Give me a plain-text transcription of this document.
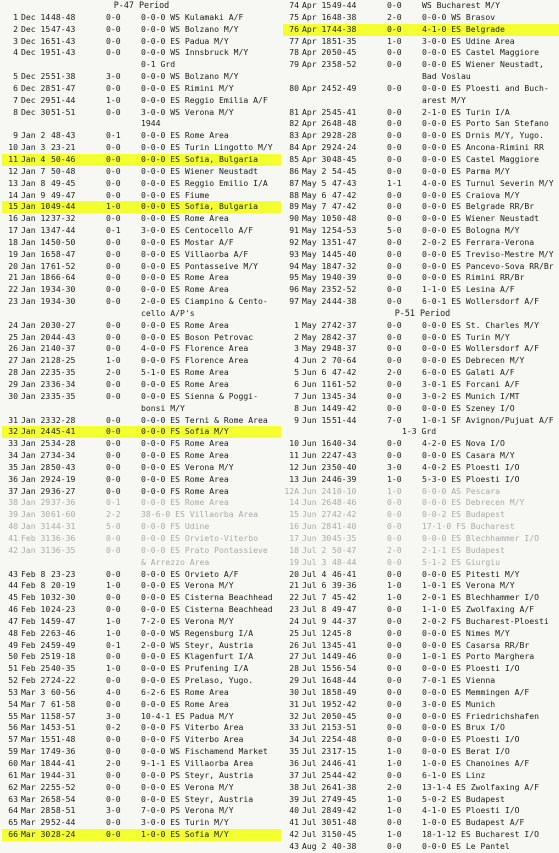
P-47 Period
1 Dec 14 48-48	0-0	0-0-0 WS Kulamaki A/F
2 Dec 15 47-43	0-0	0-0-0 WS Bolzano M/Y
3 Dec 16 51-43	0-0	0-0-0 ES Padua M/Y
4 Dec 19 51-43	0-0	0-0-0 WS Innsbruck M/Y
0-1 Grd
5 Dec 25 51-38	3-0	0-0-0 WS Bolzano M/Y
6 Dec 28 51-47	0-0	0-0-0 ES Rimini M/Y
7 Dec 29 51-44	1-0	0-0-0 ES Reggio Emilia A/F
8 Dec 30 51-51	0-0	3-0-0 WS Verona M/Y
1944
9 Jan 2 48-43	0-1	0-0-0 ES Rome Area
10 Jan 3 23-21	0-0	0-0-0 ES Turin Lingotto M/Y
11 Jan 4 50-46	0-0	0-0-0 ES Sofia, Bulgaria
12 Jan 7 50-48	0-0	0-0-0 ES Wiener Neustadt
13 Jan 8 49-45	0-0	0-0-0 ES Reggio Emilio I/A
14 Jan 9 49-47	0-0	0-0-0 ES Fiume
15 Jan 10 49-44	1-0	0-0-0 ES Sofia, Bulgaria
16 Jan 12 37-32	0-0	0-0-0 ES Rome Area
17 Jan 13 47-44	0-1	3-0-0 ES Centocello A/F
18 Jan 14 50-50	0-0	0-0-0 ES Mostar A/F
19 Jan 16 58-47	0-0	0-0-0 ES Villaorba A/F
20 Jan 17 61-52	0-0	0-0-0 ES Pontasseive M/Y
21 Jan 18 66-64	0-0	0-0-0 ES Rome Area
22 Jan 19 34-30	0-0	0-0-0 ES Rome Area
23 Jan 19 34-30	0-0	2-0-0 ES Ciampino & Cento-
cello A/P's
24 Jan 20 30-27	0-0	0-0-0 ES Rome Area
25 Jan 20 44-43	0-0	0-0-0 ES Boson Petrovac
26 Jan 21 40-37	0-0	4-0-0 FS Florence Area
27 Jan 21 28-25	1-0	0-0-0 FS Florence Area
28 Jan 22 35-35	2-0	5-1-0 ES Rome Area
29 Jan 23 36-34	0-0	0-0-0 ES Rome Area
30 Jan 23 35-35	0-0	0-0-0 ES Sienna & Poggi-
bonsi M/Y
31 Jan 23 32-28	0-0	0-0-0 ES Terni & Rome Area
32 Jan 24 45-41	0-0	0-0-0 FS Sofia M/Y
33 Jan 25 34-28	0-0	0-0-0 FS Rome Area
34 Jan 27 34-34	0-0	0-0-0 ES Rome Area
35 Jan 28 50-43	0-0	0-0-0 ES Verona M/Y
36 Jan 29 24-19	0-0	0-0-0 ES Rome Area
37 Jan 29 36-27	0-0	0-0-0 FS Rome Area
38 Jan 29 37-36	0-1	0-0-0 ES Rome Area
39 Jan 30 61-60	2-2	38-6-0 ES Villaorba Area
40 Jan 31 44-31	5-0	0-0-0 FS Udine
41 Feb 31 36-36	0-0	0-0-0 ES Orvieto-Viterbo
42 Jan 31 36-35	0-0	0-0-0 ES Prato Pontassieve
& Arrezzo Area
43 Feb 8 23-23	0-0	0-0-0 ES Orvieto A/F
44 Feb 8 20-19	1-0	0-0-0 ES Verona M/Y
45 Feb 10 32-30	0-0	0-0-0 ES Cisterna Beachhead
46 Feb 10 24-23	0-0	0-0-0 ES Cisterna Beachhead
47 Feb 14 59-47	1-0	7-2-0 ES Verona M/Y
48 Feb 22 63-46	1-0	0-0-0 WS Regensburg I/A
49 Feb 24 59-49	0-1	2-0-0 WS Steyr, Austria
50 Feb 25 19-18	0-0	0-0-0 ES Klagenfurt I/A
51 Feb 25 40-35	1-0	0-0-0 ES Prufening I/A
52 Feb 27 24-22	0-0	0-0-0 ES Prelaso, Yugo.
53 Mar 3 60-56	4-0	6-2-6 ES Rome Area
54 Mar 7 61-58	0-0	0-0-0 ES Rome Area
55 Mar 11 58-57	3-0	10-4-1 ES Padua M/Y
56 Mar 14 53-51	0-2	0-0-0 FS Viterbo Area
57 Mar 15 51-48	0-0	0-0-0 FS Viterbo Area
59 Mar 17 49-36	0-0	0-0-0 WS Fischamend Market
60 Mar 18 44-41	2-0	9-1-1 ES Villaorba Area
61 Mar 19 44-31	0-0	0-0-0 PS Steyr, Austria
62 Mar 22 55-52	0-0	0-0-0 ES Verona M/Y
63 Mar 26 58-54	0-0	0-0-0 ES Steyr, Austria
64 Mar 28 58-51	3-0	7-0-0 PS Verona M/Y
65 Mar 29 52-44	0-0	3-0-0 ES Turin M/Y
66 Mar 30 28-24	0-0	1-0-0 ES Sofia M/Y
74 Apr 15 49-44	0-0	WS Bucharest M/Y
75 Apr 16 48-38	2-0	0-0-0 WS Brasov
76 Apr 17 44-38	0-0	4-1-0 ES Belgrade
77 Apr 18 51-35	1-0	3-0-0 ES Udine Area
78 Apr 20 50-45	0-0	0-0-0 ES Castel Maggiore
79 Apr 23 58-52	0-0	0-0-0 ES Wiener Neustadt,
Bad Voslau
80 Apr 24 52-49	0-0	0-0-0 ES Ploesti and Buch-
arest M/Y
81 Apr 25 45-41	0-0	2-1-0 ES Turin I/A
82 Apr 26 48-48	0-0	0-0-0 ES Porto San Stefano
83 Apr 29 28-28	0-0	0-0-0 ES Drnis M/Y, Yugo.
84 Apr 29 24-24	0-0	0-0-0 ES Ancona-Rimini RR
85 Apr 30 48-45	0-0	0-0-0 ES Castel Maggiore
86 May 2 54-45	0-0	0-0-0 ES Parma M/Y
87 May 5 47-43	1-1	4-0-0 ES Turnul Severin M/Y
88 May 6 47-42	0-0	0-0-0 ES Craiova M/Y
89 May 7 47-42	0-0	0-0-0 ES Belgrade RR/Br
90 May 10 50-48	0-0	0-0-0 ES Wiener Neustadt
91 May 12 54-53	5-0	0-0-0 ES Bologna M/Y
92 May 13 51-47	0-0	2-0-2 ES Ferrara-Verona
93 May 14 45-40	0-0	0-0-0 ES Treviso-Mestre M/Y
94 May 18 47-32	0-0	0-0-0 ES Pancevo-Sova RR/Br
95 May 19 40-39	0-0	0-0-0 ES Rimini RR/Br
96 May 23 52-52	0-0	1-1-0 ES Lesina A/F
97 May 24 44-38	0-0	6-0-1 ES Wollersdorf A/F
P-51 Period
1 May 27 42-37	0-0	0-0-0 ES St. Charles M/Y
2 May 28 42-37	0-0	0-0-0 ES Turin M/Y
3 May 29 48-37	0-0	0-0-0 ES Wollersdorf A/F
4 Jun 2 70-64	0-0	0-0-0 ES Debrecen M/Y
5 Jun 6 47-42	2-0	6-0-0 ES Galati A/F
6 Jun 11 61-52	0-0	3-0-1 ES Forcani A/F
7 Jun 13 45-34	0-0	3-0-2 ES Munich I/MT
8 Jun 14 49-42	0-0	0-0-0 ES Szeney I/O
9 Jun 15 51-44	7-0	1-0-1 SF Avignon/Pujuat A/F
1-3 Grd
10 Jun 16 40-34	0-0	4-2-0 ES Nova I/O
11 Jun 22 47-43	0-0	0-0-0 ES Casara M/Y
12 Jun 23 50-40	3-0	4-0-2 ES Ploesti I/O
13 Jun 24 46-39	1-0	5-3-0 ES Ploesti I/O
12A Jun 24 10-10	1-0	0-0-0 AS Pescara
14 Jun 26 48-46	0-0	0-0-0 ES Debrecen M/Y
15 Jun 27 42-42	0-0	0-0-2 ES Budapest
16 Jun 28 41-40	0-0	17-1-0 FS Bucharest
17 Jun 30 45-35	0-0	0-0-0 ES Blechhammer I/O
18 Jul 2 50-47	2-0	2-1-1 ES Budapest
19 Jul 3 48-44	0-0	5-1-2 ES Giurgiu
20 Jul 4 46-41	0-0	0-0-0 ES Pitesti M/Y
21 Jul 6 39-36	1-0	1-0-1 ES Verona M/Y
22 Jul 7 45-42	1-0	2-0-1 ES Blechhammer I/O
23 Jul 8 49-47	0-0	1-1-0 ES Zwolfaxing A/F
24 Jul 9 44-37	0-0	2-0-2 FS Bucharest-Ploesti
25 Jul 12 45-8	0-0	0-0-0 ES Nimes M/Y
26 Jul 13 45-41	0-0	0-0-0 ES Casarsa RR/Br
27 Jul 14 49-46	0-0	1-0-1 ES Porto Marghera
28 Jul 15 56-54	0-0	0-0-0 ES Ploesti I/O
29 Jul 16 48-44	0-0	7-0-1 ES Vienna
30 Jul 18 58-49	0-0	0-0-0 ES Memmingen A/F
31 Jul 19 52-42	0-0	3-0-0 ES Munich
32 Jul 20 50-45	0-0	0-0-0 ES Friedrichshafen
33 Jul 21 53-51	0-0	0-0-0 ES Brux I/O
34 Jul 22 54-48	0-0	0-0-0 ES Ploesti I/O
35 Jul 23 17-15	1-0	0-0-0 ES Berat I/O
36 Jul 24 46-41	1-0	1-0-0 ES Chanoines A/F
37 Jul 25 44-42	0-0	6-1-0 ES Linz
38 Jul 26 41-38	2-0	13-1-4 ES Zwolfaxing A/F
39 Jul 27 49-45	1-0	5-0-2 ES Budapest
40 Jul 28 49-42	1-0	4-1-0 ES Ploesti I/O
41 Jul 30 51-48	0-0	1-0-0 ES Budapest A/F
42 Jul 31 50-45	1-0	18-1-12 ES Bucharest I/O
43 Aug 2 40-38	0-0	0-0-0 ES Le Pantel
